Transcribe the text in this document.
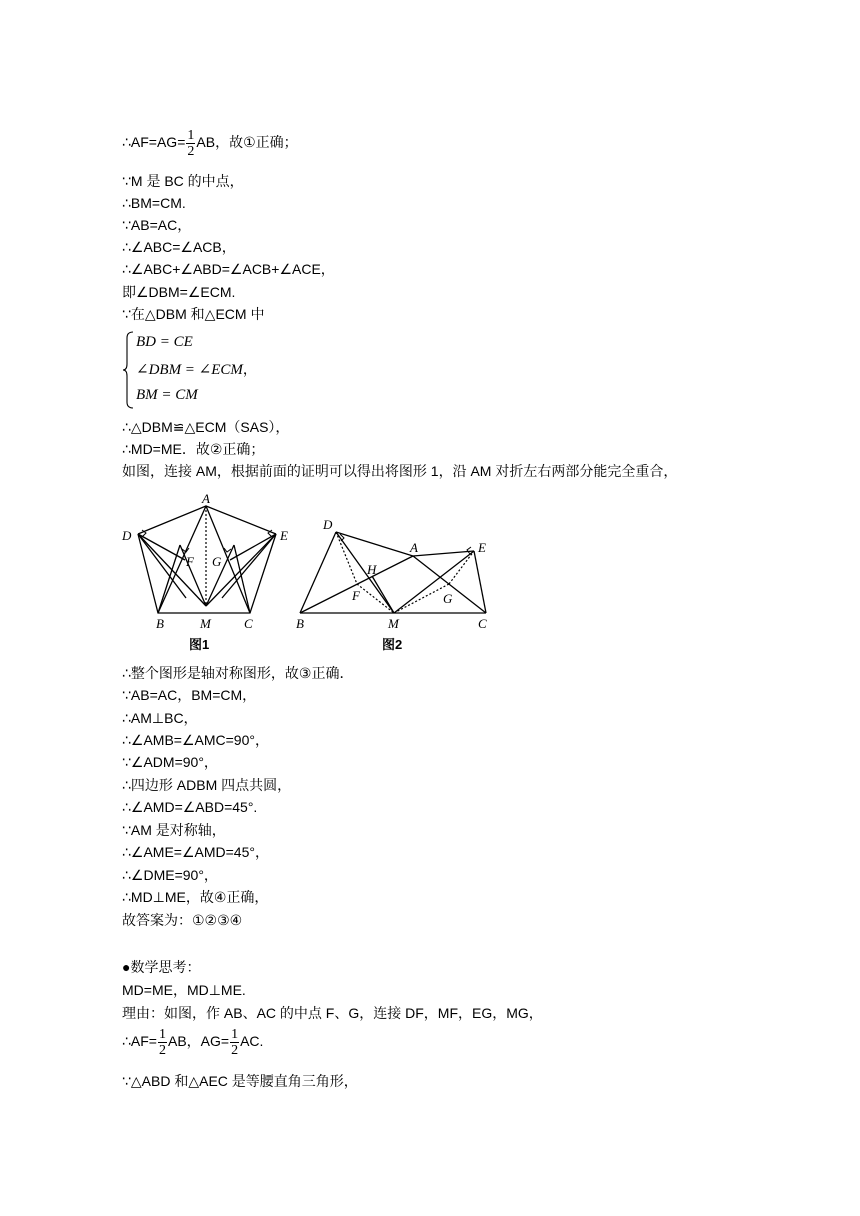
∴AF=AG= $\frac{1}{2}$ AB，故①正确；
∵M 是 BC 的中点，
∴BM=CM.
∵AB=AC，
∴∠ABC=∠ACB，
∴∠ABC+∠ABD=∠ACB+∠ACE，
即∠DBM=∠ECM.
∵在△DBM 和△ECM 中
BD = CE
∠DBM = ∠ECM，
BM = CM
∴△DBM≌△ECM（SAS），
∴MD=ME．故②正确；
如图，连接 AM，根据前面的证明可以得出将图形 1，沿 AM 对折左右两部分能完全重合，
D
A
E
F G
B	M	C
图1
D
A	E
H
F	G
B	M	C
图2
∴整个图形是轴对称图形，故③正确．
∵AB=AC，BM=CM，
∴AM⊥BC，
∴∠AMB=∠AMC=90°，
∵∠ADM=90°，
∴四边形 ADBM 四点共圆，
∴∠AMD=∠ABD=45°.
∵AM 是对称轴，
∴∠AME=∠AMD=45°，
∴∠DME=90°，
∴MD⊥ME，故④正确，
故答案为：①②③④
●数学思考：
MD=ME，MD⊥ME.
理由：如图，作 AB、AC 的中点 F、G，连接 DF，MF，EG，MG，
∴AF= $\frac{1}{2}$ AB，$AG= \frac{1}{2}$ AC.
∵△ABD 和△AEC 是等腰直角三角形，
